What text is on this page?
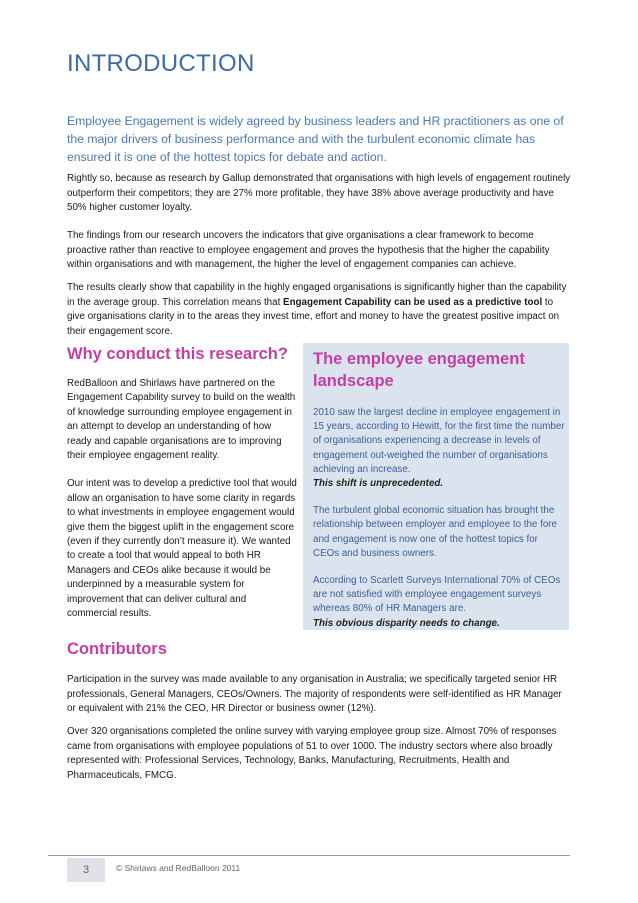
INTRODUCTION
Employee Engagement is widely agreed by business leaders and HR practitioners as one of the major drivers of business performance and with the turbulent economic climate has ensured it is one of the hottest topics for debate and action.

Rightly so, because as research by Gallup demonstrated that organisations with high levels of engagement routinely outperform their competitors; they are 27% more profitable, they have 38% above average productivity and have 50% higher customer loyalty.

The findings from our research uncovers the indicators that give organisations a clear framework to become proactive rather than reactive to employee engagement and proves the hypothesis that the higher the capability within organisations and with management, the higher the level of engagement companies can achieve.

The results clearly show that capability in the highly engaged organisations is significantly higher than the capability in the average group. This correlation means that Engagement Capability can be used as a predictive tool to give organisations clarity in to the areas they invest time, effort and money to have the greatest positive impact on their engagement score.

Why conduct this research?

RedBalloon and Shirlaws have partnered on the Engagement Capability survey to build on the wealth of knowledge surrounding employee engagement in an attempt to develop an understanding of how ready and capable organisations are to improving their employee engagement reality.

Our intent was to develop a predictive tool that would allow an organisation to have some clarity in regards to what investments in employee engagement would give them the biggest uplift in the engagement score (even if they currently don’t measure it). We wanted to create a tool that would appeal to both HR Managers and CEOs alike because it would be underpinned by a measurable system for improvement that can deliver cultural and commercial results.

The employee engagement landscape

2010 saw the largest decline in employee engagement in 15 years, according to Hewitt, for the first time the number of organisations experiencing a decrease in levels of engagement out-weighed the number of organisations achieving an increase.
This shift is unprecedented.

The turbulent global economic situation has brought the relationship between employer and employee to the fore and engagement is now one of the hottest topics for CEOs and business owners.

According to Scarlett Surveys International 70% of CEOs are not satisfied with employee engagement surveys whereas 80% of HR Managers are.
This obvious disparity needs to change.

Contributors

Participation in the survey was made available to any organisation in Australia; we specifically targeted senior HR professionals, General Managers, CEOs/Owners. The majority of respondents were self-identified as HR Manager or equivalent with 21% the CEO, HR Director or business owner (12%).

Over 320 organisations completed the online survey with varying employee group size. Almost 70% of responses came from organisations with employee populations of 51 to over 1000. The industry sectors where also broadly represented with: Professional Services, Technology, Banks, Manufacturing, Recruitments, Health and Pharmaceuticals, FMCG.

3	© Shirlaws and RedBalloon 2011
